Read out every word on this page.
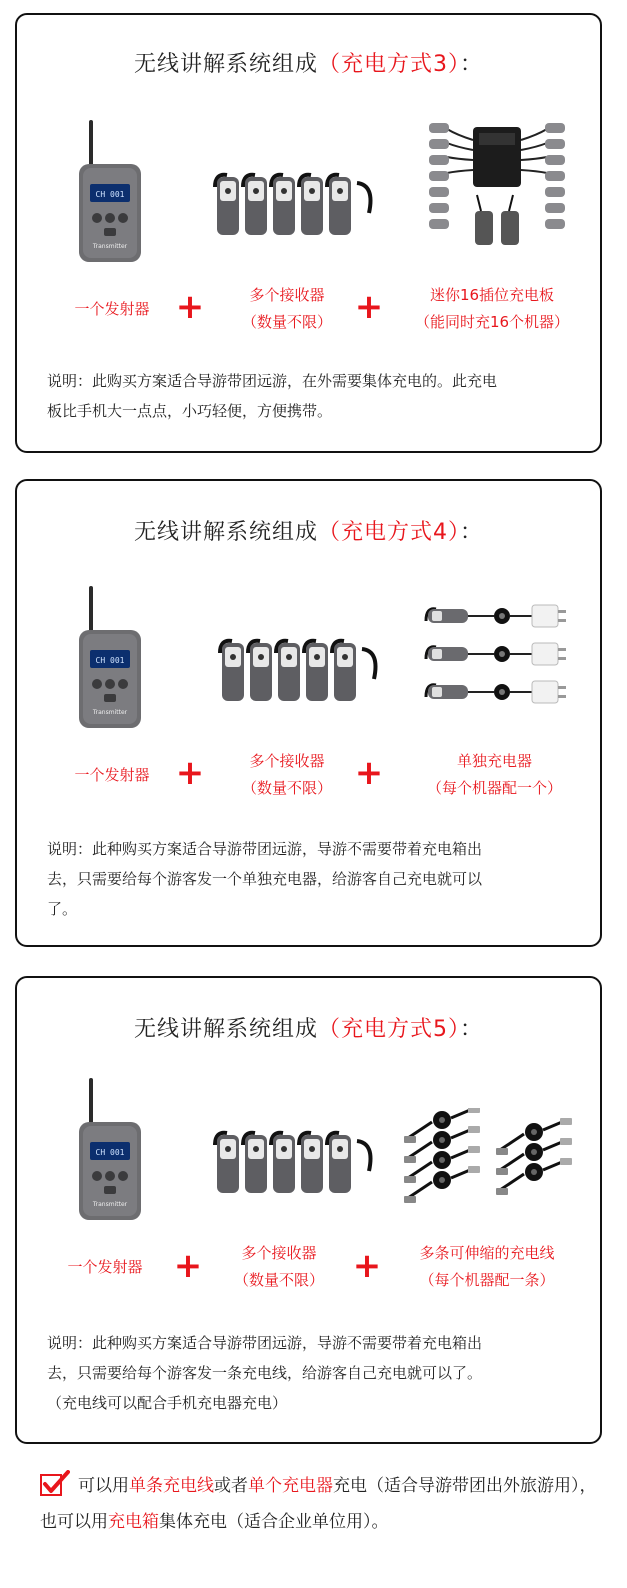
无线讲解系统组成（充电方式3）：
CH 001
Transmitter
一个发射器 +	多个接收器
（数量不限） +	迷你16插位充电板
（能同时充16个机器）
说明：此购买方案适合导游带团远游，在外需要集体充电的。此充电
板比手机大一点点，小巧轻便，方便携带。
无线讲解系统组成（充电方式4）：
CH 001
Transmitter
一个发射器 +	多个接收器
（数量不限） +	单独充电器
（每个机器配一个）
说明：此种购买方案适合导游带团远游，导游不需要带着充电箱出
去，只需要给每个游客发一个单独充电器，给游客自己充电就可以
了。
无线讲解系统组成（充电方式5）：
CH 001
Transmitter
一个发射器 +	多个接收器
（数量不限） +	多条可伸缩的充电线
（每个机器配一条）
说明：此种购买方案适合导游带团远游，导游不需要带着充电箱出
去，只需要给每个游客发一条充电线，给游客自己充电就可以了。
（充电线可以配合手机充电器充电）
可以用单条充电线或者单个充电器充电（适合导游带团出外旅游用），也可以用充电箱集体充电（适合企业单位用）。
